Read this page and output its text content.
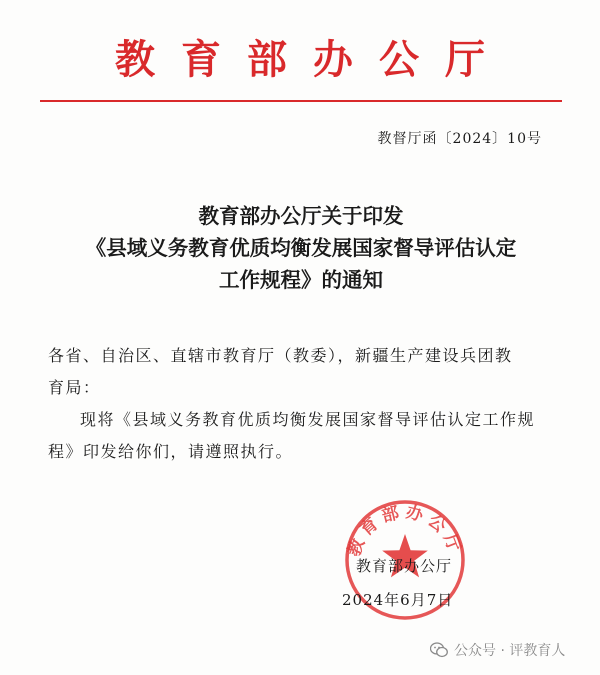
教育部办公厅
教督厅函〔2024〕10号
教育部办公厅关于印发
《县域义务教育优质均衡发展国家督导评估认定
工作规程》的通知

各省、自治区、直辖市教育厅（教委），新疆生产建设兵团教

育局：

现将《县域义务教育优质均衡发展国家督导评估认定工作规

程》印发给你们，请遵照执行。

教育部办公厅
教育部办公厅
2024年6月7日
公众号 · 评教育人
